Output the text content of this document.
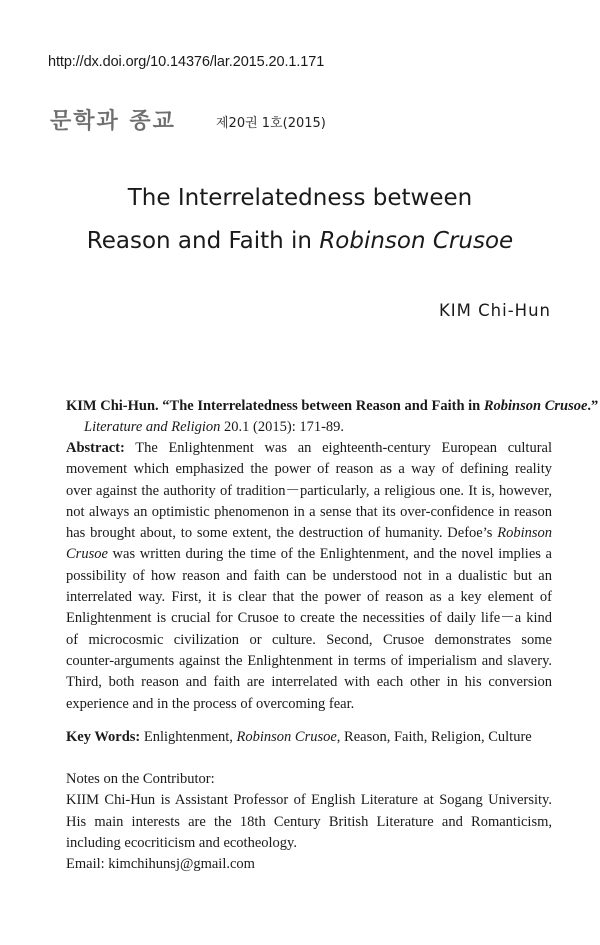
http://dx.doi.org/10.14376/lar.2015.20.1.171
문학과 종교	제20권 1호(2015)
The Interrelatedness between
Reason and Faith in Robinson Crusoe
KIM Chi-Hun
KIM Chi-Hun. “The Interrelatedness between Reason and Faith in Robinson Crusoe.”
Literature and Religion 20.1 (2015): 171-89.
Abstract: The Enlightenment was an eighteenth-century European cultural
movement which emphasized the power of reason as a way of defining reality
over against the authority of tradition－particularly, a religious one. It is, however,
not always an optimistic phenomenon in a sense that its over-confidence in reason
has brought about, to some extent, the destruction of humanity. Defoe’s Robinson
Crusoe was written during the time of the Enlightenment, and the novel implies a
possibility of how reason and faith can be understood not in a dualistic but an
interrelated way. First, it is clear that the power of reason as a key element of
Enlightenment is crucial for Crusoe to create the necessities of daily life－a kind
of microcosmic civilization or culture. Second, Crusoe demonstrates some
counter-arguments against the Enlightenment in terms of imperialism and slavery.
Third, both reason and faith are interrelated with each other in his conversion
experience and in the process of overcoming fear.
Key Words: Enlightenment, Robinson Crusoe, Reason, Faith, Religion, Culture
Notes on the Contributor:
KIIM Chi-Hun is Assistant Professor of English Literature at Sogang University.
His main interests are the 18th Century British Literature and Romanticism,
including ecocriticism and ecotheology.
Email: kimchihunsj@gmail.com
